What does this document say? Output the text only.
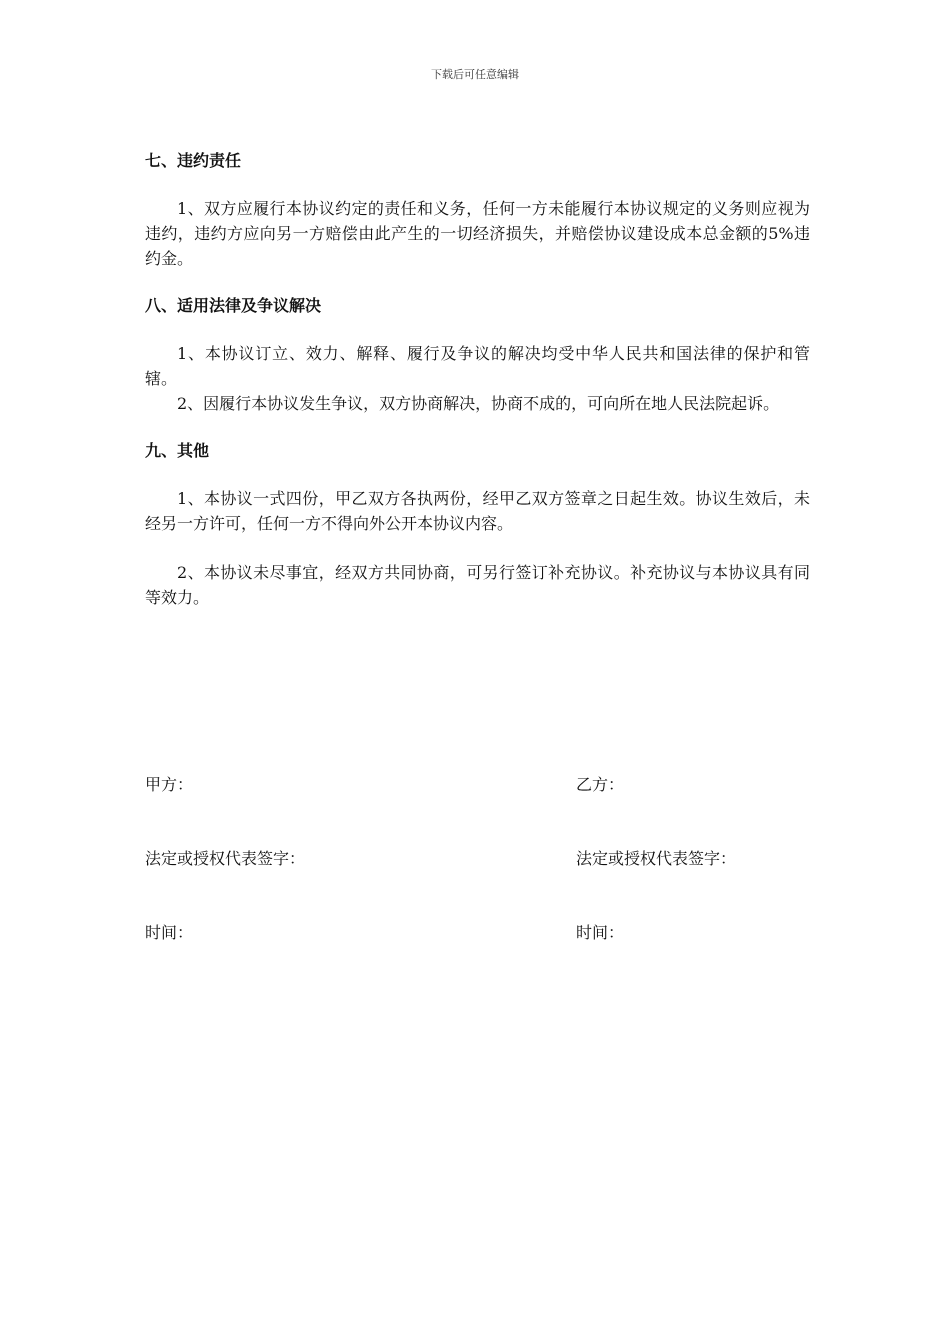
下载后可任意编辑
七、违约责任

1、双方应履行本协议约定的责任和义务，任何一方未能履行本协议规定的义务则应视为违约，违约方应向另一方赔偿由此产生的一切经济损失，并赔偿协议建设成本总金额的5%违约金。

八、适用法律及争议解决

1、本协议订立、效力、解释、履行及争议的解决均受中华人民共和国法律的保护和管辖。

2、因履行本协议发生争议，双方协商解决，协商不成的，可向所在地人民法院起诉。

九、其他

1、本协议一式四份，甲乙双方各执两份，经甲乙双方签章之日起生效。协议生效后，未经另一方许可，任何一方不得向外公开本协议内容。

2、本协议未尽事宜，经双方共同协商，可另行签订补充协议。补充协议与本协议具有同等效力。

甲方：
法定或授权代表签字：
时间：
乙方：
法定或授权代表签字：
时间：
